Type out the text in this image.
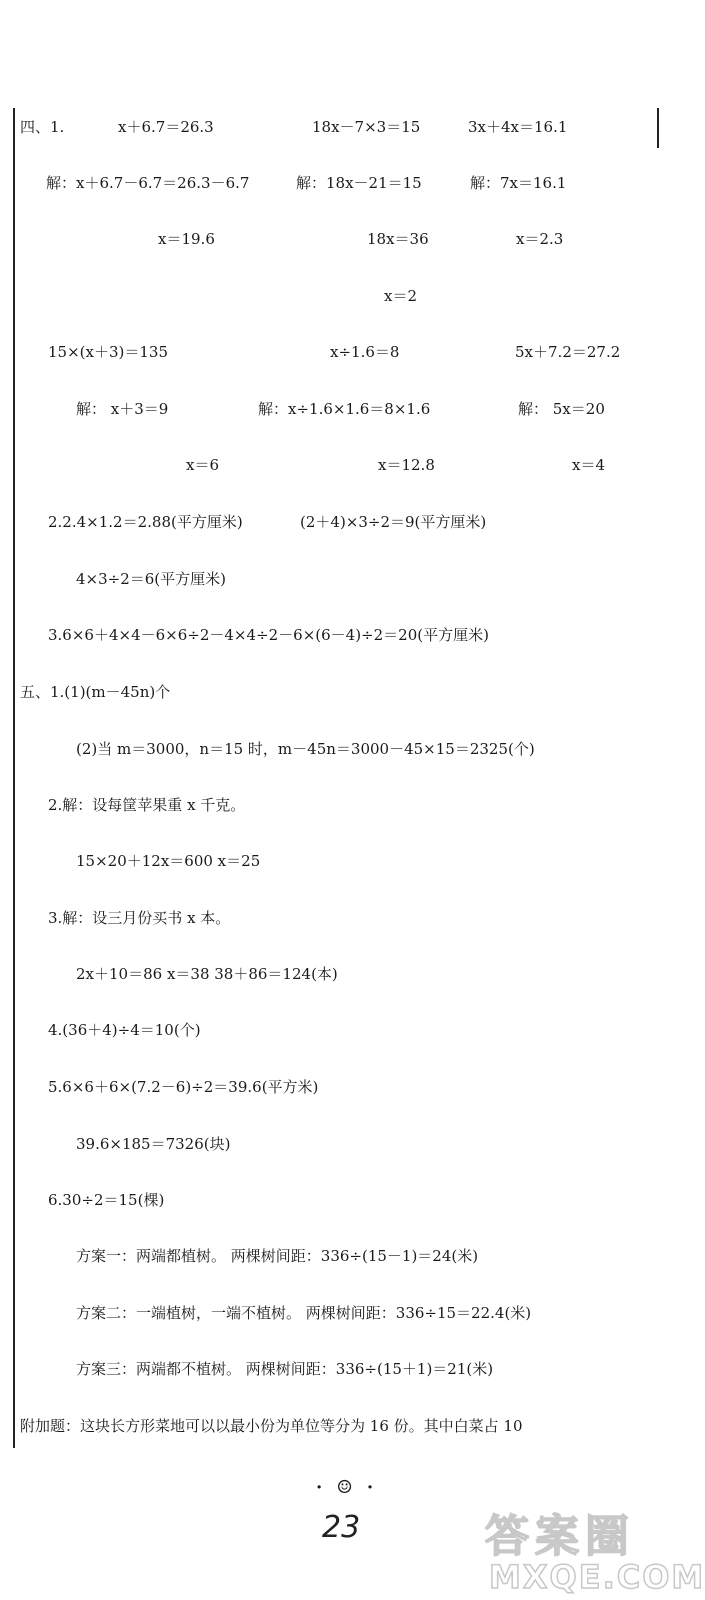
四、1.	x＋6.7＝26.3	18x－7×3＝15	3x＋4x＝16.1
解：x＋6.7－6.7＝26.3－6.7	解：18x－21＝15	解：7x＝16.1
x＝19.6	18x＝36	x＝2.3
x＝2
15×(x＋3)＝135	x÷1.6＝8	5x＋7.2＝27.2
解： x＋3＝9	解：x÷1.6×1.6＝8×1.6	解： 5x＝20
x＝6	x＝12.8	x＝4
2.2.4×1.2＝2.88(平方厘米)	(2＋4)×3÷2＝9(平方厘米)
4×3÷2＝6(平方厘米)
3.6×6＋4×4－6×6÷2－4×4÷2－6×(6－4)÷2＝20(平方厘米)
五、1.(1)(m－45n)个
(2)当 m＝3000，n＝15 时，m－45n＝3000－45×15＝2325(个)
2.解：设每筐苹果重 x 千克。
15×20＋12x＝600 x＝25
3.解：设三月份买书 x 本。
2x＋10＝86 x＝38 38＋86＝124(本)
4.(36＋4)÷4＝10(个)
5.6×6＋6×(7.2－6)÷2＝39.6(平方米)
39.6×185＝7326(块)
6.30÷2＝15(棵)
方案一：两端都植树。 两棵树间距：336÷(15－1)＝24(米)
方案二：一端植树，一端不植树。 两棵树间距：336÷15＝22.4(米)
方案三：两端都不植树。 两棵树间距：336÷(15＋1)＝21(米)
附加题：这块长方形菜地可以以最小份为单位等分为 16 份。其中白菜占 10
· ☺ ·
23	答案圈
MXQE.COM
